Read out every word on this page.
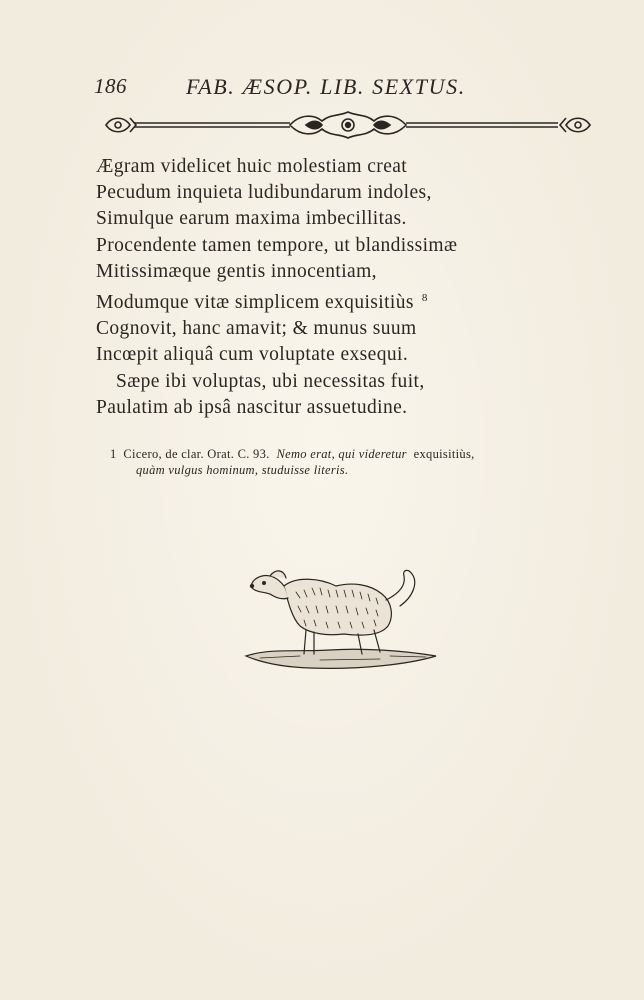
186	FAB. ÆSOP. LIB. SEXTUS.
Ægram videlicet huic molestiam creat
Pecudum inquieta ludibundarum indoles,
Simulque earum maxima imbecillitas.
Procendente tamen tempore, ut blandissimæ
Mitissimæque gentis innocentiam,
Modumque vitæ simplicem exquisitiùs $^8$
Cognovit, hanc amavit; & munus suum
Incœpit aliquâ cum voluptate exsequi.
Sæpe ibi voluptas, ubi necessitas fuit,
Paulatim ab ipsâ nascitur assuetudine.
1 Cicero, de clar. Orat. C. 93. Nemo erat, qui videretur exquisitiùs,
quàm vulgus hominum, studuisse literis.
